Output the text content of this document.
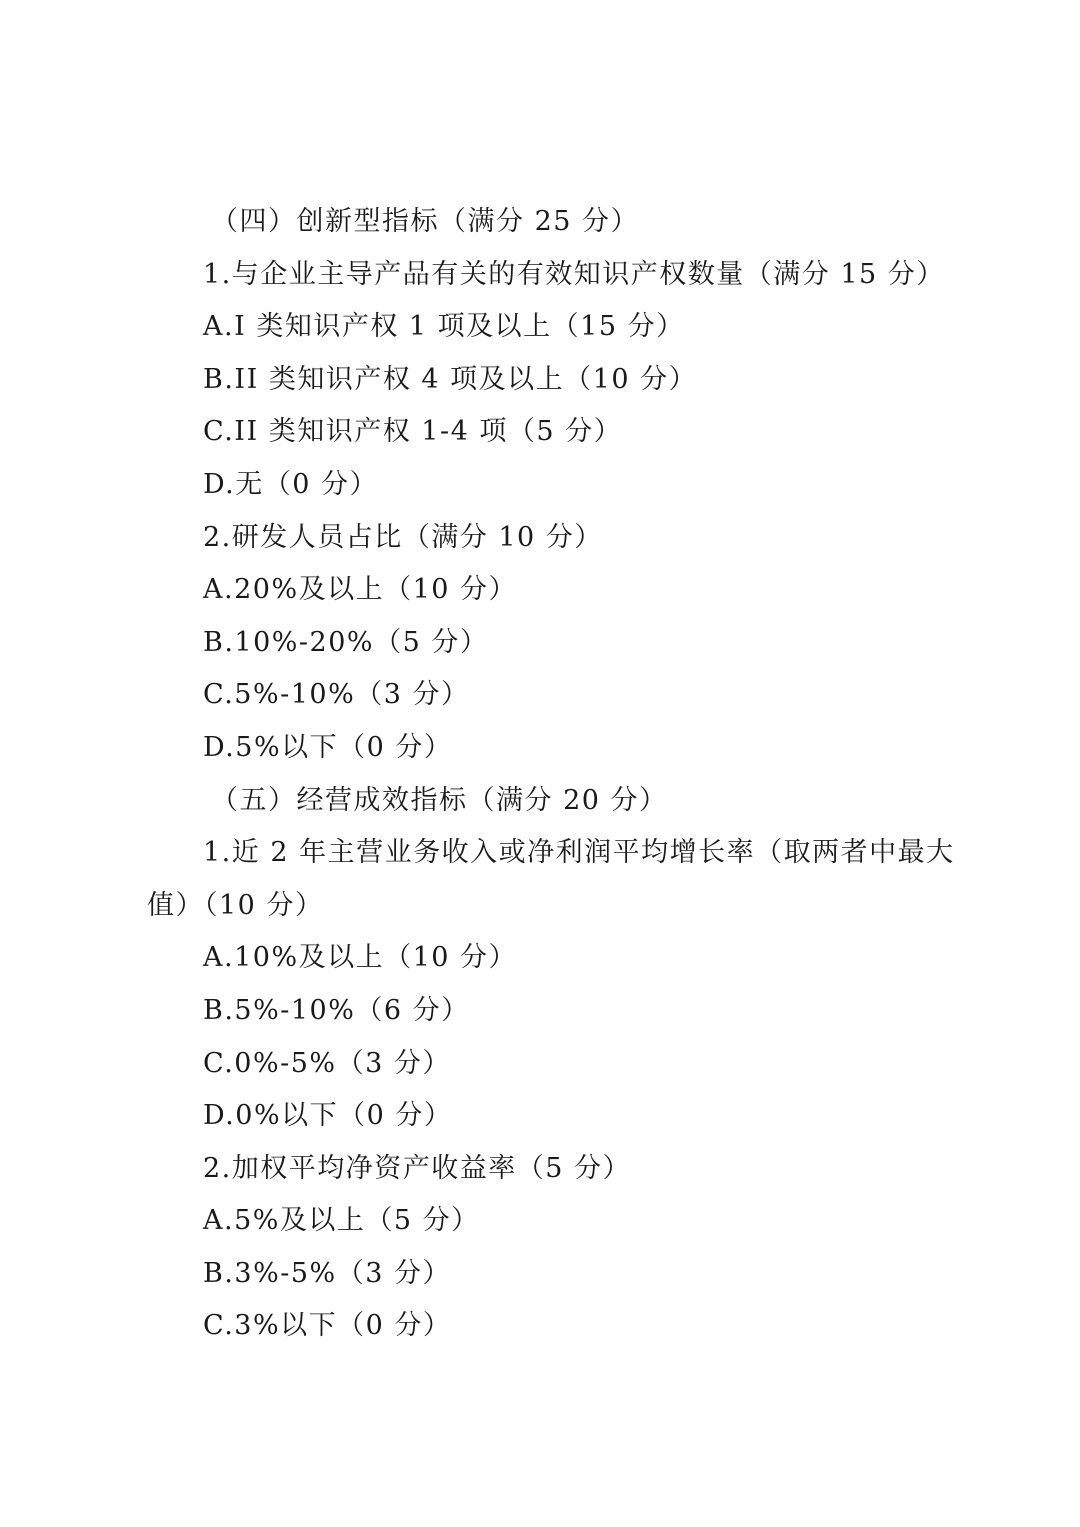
（四）创新型指标（满分 25 分）
1.与企业主导产品有关的有效知识产权数量（满分 15 分）
A.I 类知识产权 1 项及以上（15 分）
B.II 类知识产权 4 项及以上（10 分）
C.II 类知识产权 1-4 项（5 分）
D.无（0 分）
2.研发人员占比（满分 10 分）
A.20%及以上（10 分）
B.10%-20%（5 分）
C.5%-10%（3 分）
D.5%以下（0 分）
（五）经营成效指标（满分 20 分）
1.近 2 年主营业务收入或净利润平均增长率（取两者中最大
值）（10 分）
A.10%及以上（10 分）
B.5%-10%（6 分）
C.0%-5%（3 分）
D.0%以下（0 分）
2.加权平均净资产收益率（5 分）
A.5%及以上（5 分）
B.3%-5%（3 分）
C.3%以下（0 分）
